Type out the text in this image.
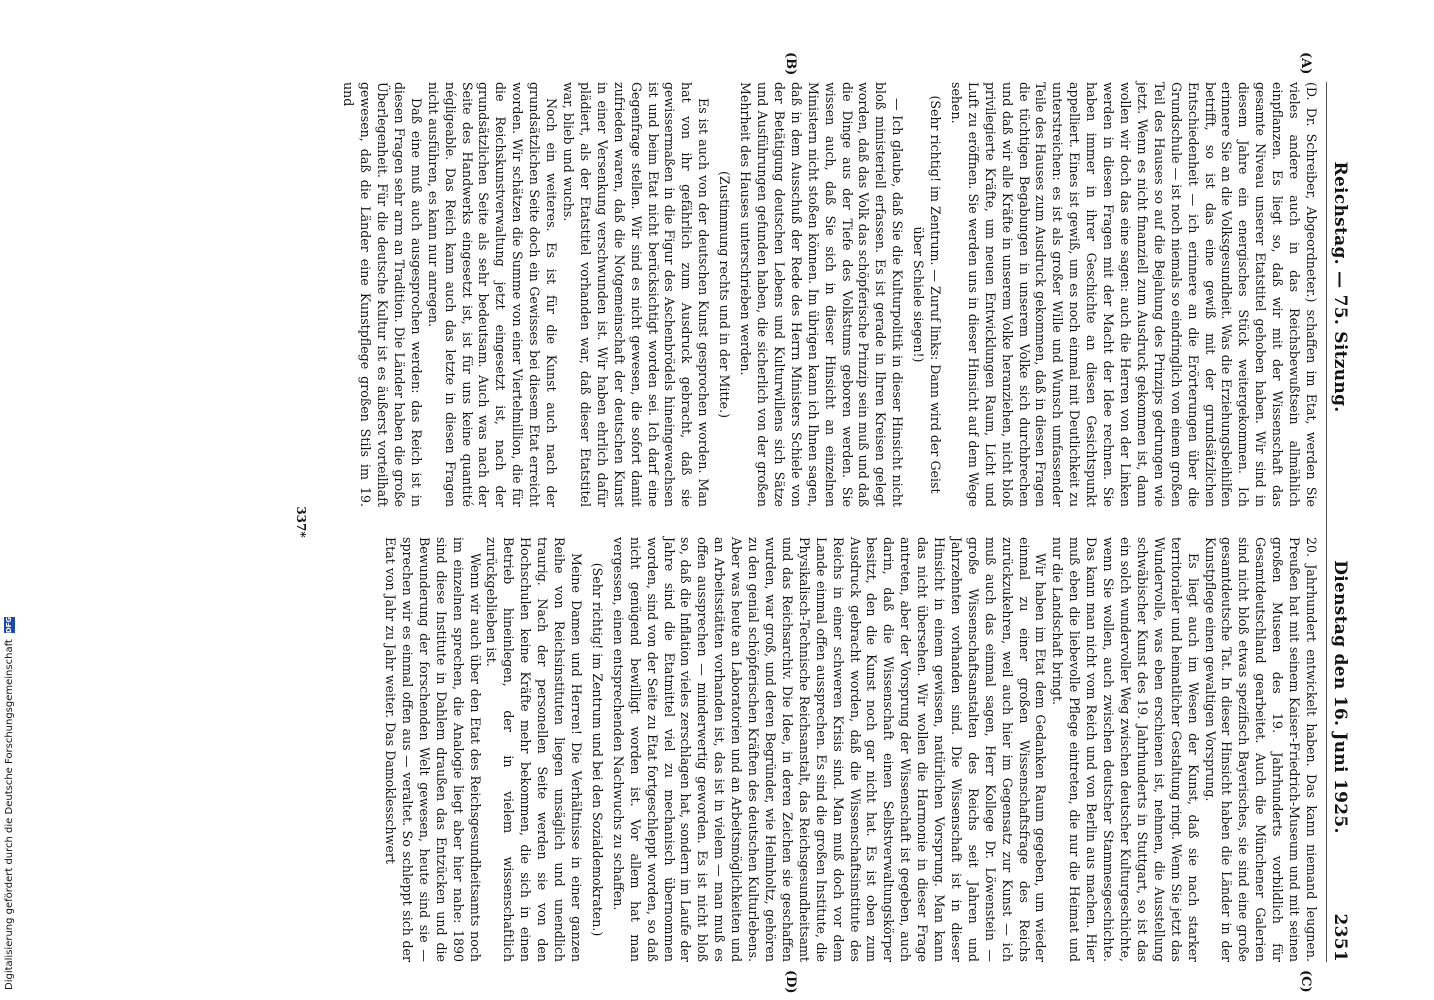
Reichstag. — 75. Sitzung.
Dienstag den 16. Juni 1925.
2351
(A)
(B)
(C)
(D)

(D. Dr. Schreiber, Abgeordneter.) schaffen im Etat, werden Sie vieles andere auch in das Reichsbewußtsein allmählich einpflanzen. Es liegt so, daß wir mit der Wissenschaft das gesamte Niveau unserer Etatstitel gehoben haben. Wir sind in diesem Jahre ein energisches Stück weitergekommen. Ich erinnere Sie an die Volksgesundheit. Was die Erziehungsbeihilfen betrifft, so ist das eine gewiß mit der grundsätzlichen Entschiedenheit — ich erinnere an die Erörterungen über die Grundschule — ist noch niemals so eindringlich von einem großen Teil des Hauses so auf die Bejahung des Prinzips gedrungen wie jetzt. Wenn es nicht finanziell zum Ausdruck gekommen ist, dann wollen wir doch das eine sagen: auch die Herren von der Linken werden in diesen Fragen mit der Macht der Idee rechnen. Sie haben immer in ihrer Geschichte an diesen Gesichtspunkt appelliert. Eines ist gewiß, um es noch einmal mit Deutlichkeit zu unterstreichen: es ist als großer Wille und Wunsch umfassender Teile des Hauses zum Ausdruck gekommen, daß in diesen Fragen die tüchtigen Begabungen in unserem Volke sich durchbrechen und daß wir alle Kräfte in unserem Volke heranziehen, nicht bloß privilegierte Kräfte, um neuen Entwicklungen Raum, Licht und Luft zu eröffnen. Sie werden uns in dieser Hinsicht auf dem Wege sehen.

(Sehr richtig! im Zentrum. — Zuruf links: Dann wird der Geist über Schiele siegen!)

— Ich glaube, daß Sie die Kulturpolitik in dieser Hinsicht nicht bloß ministeriell erfassen. Es ist gerade in Ihren Kreisen gelegt worden, daß das Volk das schöpferische Prinzip sein muß und daß die Dinge aus der Tiefe des Volkstums geboren werden. Sie wissen auch, daß Sie sich in dieser Hinsicht an einzelnen Ministern nicht stoßen können. Im übrigen kann ich Ihnen sagen, daß in dem Ausschuß der Rede des Herrn Ministers Schiele von der Betätigung deutschen Lebens und Kulturwillens sich Sätze und Ausführungen gefunden haben, die sicherlich von der großen Mehrheit des Hauses unterschrieben werden.

(Zustimmung rechts und in der Mitte.)

Es ist auch von der deutschen Kunst gesprochen worden. Man hat von ihr gefährlich zum Ausdruck gebracht, daß sie gewissermaßen in die Figur des Aschenbrödels hineingewachsen ist und beim Etat nicht berücksichtigt worden sei. Ich darf eine Gegenfrage stellen. Wir sind es nicht gewesen, die sofort damit zufrieden waren, daß die Notgemeinschaft der deutschen Kunst in einer Versenkung verschwunden ist. Wir haben ehrlich dafür plädiert, als der Etatstitel vorhanden war, daß dieser Etatstitel war, blieb und wuchs.

Noch ein weiteres. Es ist für die Kunst auch nach der grundsätzlichen Seite doch ein Gewisses bei diesem Etat erreicht worden. Wir schätzen die Summe von einer Viertelmillion, die für die Reichskunstverwaltung jetzt eingesetzt ist, nach der grundsätzlichen Seite als sehr bedeutsam. Auch was nach der Seite des Handwerks eingesetzt ist, ist für uns keine quantité négligeable. Das Reich kann auch das letzte in diesen Fragen nicht ausführen, es kann nur anregen.

Daß eine muß auch ausgesprochen werden: das Reich ist in diesen Fragen sehr arm an Tradition. Die Länder haben die große Überlegenheit. Für die deutsche Kultur ist es äußerst vorteilhaft gewesen, daß die Länder eine Kunstpflege großen Stils im 19. und

20. Jahrhundert entwickelt haben. Das kann niemand leugnen. Preußen hat mit seinem Kaiser-Friedrich-Museum und mit seinen großen Museen des 19. Jahrhunderts vorbildlich für Gesamtdeutschland gearbeitet. Auch die Münchener Galerien sind nicht bloß etwas spezifisch Bayerisches, sie sind eine große gesamtdeutsche Tat. In dieser Hinsicht haben die Länder in der Kunstpflege einen gewaltigen Vorsprung.

Es liegt auch im Wesen der Kunst, daß sie nach starker territorialer und heimatlicher Gestaltung ringt. Wenn Sie jetzt das Wundervolle, was eben erschienen ist, nehmen, die Ausstellung schwäbischer Kunst des 19. Jahrhunderts in Stuttgart, so ist das ein solch wundervoller Weg zwischen deutscher Kulturgeschichte, wenn Sie wollen, auch zwischen deutscher Stammesgeschichte. Das kann man nicht vom Reich und von Berlin aus machen. Hier muß eben die liebevolle Pflege eintreten, die nur die Heimat und nur die Landschaft bringt.

Wir haben im Etat dem Gedanken Raum gegeben, um wieder einmal zu einer großen Wissenschaftsfrage des Reichs zurückzukehren, weil auch hier im Gegensatz zur Kunst — ich muß auch das einmal sagen, Herr Kollege Dr. Löwenstein — große Wissenschaftsanstalten des Reichs seit Jahren und Jahrzehnten vorhanden sind. Die Wissenschaft ist in dieser Hinsicht in einem gewissen, natürlichen Vorsprung. Man kann das nicht übersehen. Wir wollen die Harmonie in dieser Frage antreten, aber der Vorsprung der Wissenschaft ist gegeben, auch darin, daß die Wissenschaft einen Selbstverwaltungskörper besitzt, den die Kunst noch gar nicht hat. Es ist oben zum Ausdruck gebracht worden, daß die Wissenschaftsinstitute des Reichs in einer schweren Krisis sind. Man muß doch vor dem Lande einmal offen aussprechen. Es sind die großen Institute, die Physikalisch-Technische Reichsanstalt, das Reichsgesundheitsamt und das Reichsarchiv. Die Idee, in deren Zeichen sie geschaffen wurden, war groß, und deren Begründer, wie Helmholtz, gehören zu den genial schöpferischen Kräften des deutschen Kulturlebens. Aber was heute an Laboratorien und an Arbeitsmöglichkeiten und an Arbeitsstätten vorhanden ist, das ist in vielem — man muß es offen aussprechen — minderwertig geworden. Es ist nicht bloß so, daß die Inflation vieles zerschlagen hat, sondern im Laufe der Jahre sind die Etatmittel viel zu mechanisch übernommen worden, sind von der Seite zu Etat fortgeschleppt worden, so daß nicht genügend bewilligt worden ist. Vor allem hat man vergessen, einen entsprechenden Nachwuchs zu schaffen.

(Sehr richtig! im Zentrum und bei den Sozialdemokraten.)

Meine Damen und Herren! Die Verhältnisse in einer ganzen Reihe von Reichsinstituten liegen unsäglich und unendlich traurig. Nach der personellen Seite werden sie von den Hochschulen keine Kräfte mehr bekommen, die sich in einen Betrieb hineinlegen, der in vielem wissenschaftlich zurückgeblieben ist.

Wenn wir auch über den Etat des Reichsgesundheitsamts noch im einzelnen sprechen, die Analogie liegt aber hier nahe: 1890 sind diese Institute in Dahlem draußen das Entzücken und die Bewunderung der forschenden Welt gewesen, heute sind sie — sprechen wir es einmal offen aus — veraltet. So schleppt sich der Etat von Jahr zu Jahr weiter. Das Damoklesschwert

337*
Digitalisierung gefördert durch die Deutsche Forschungsgemeinschaft
DFG
